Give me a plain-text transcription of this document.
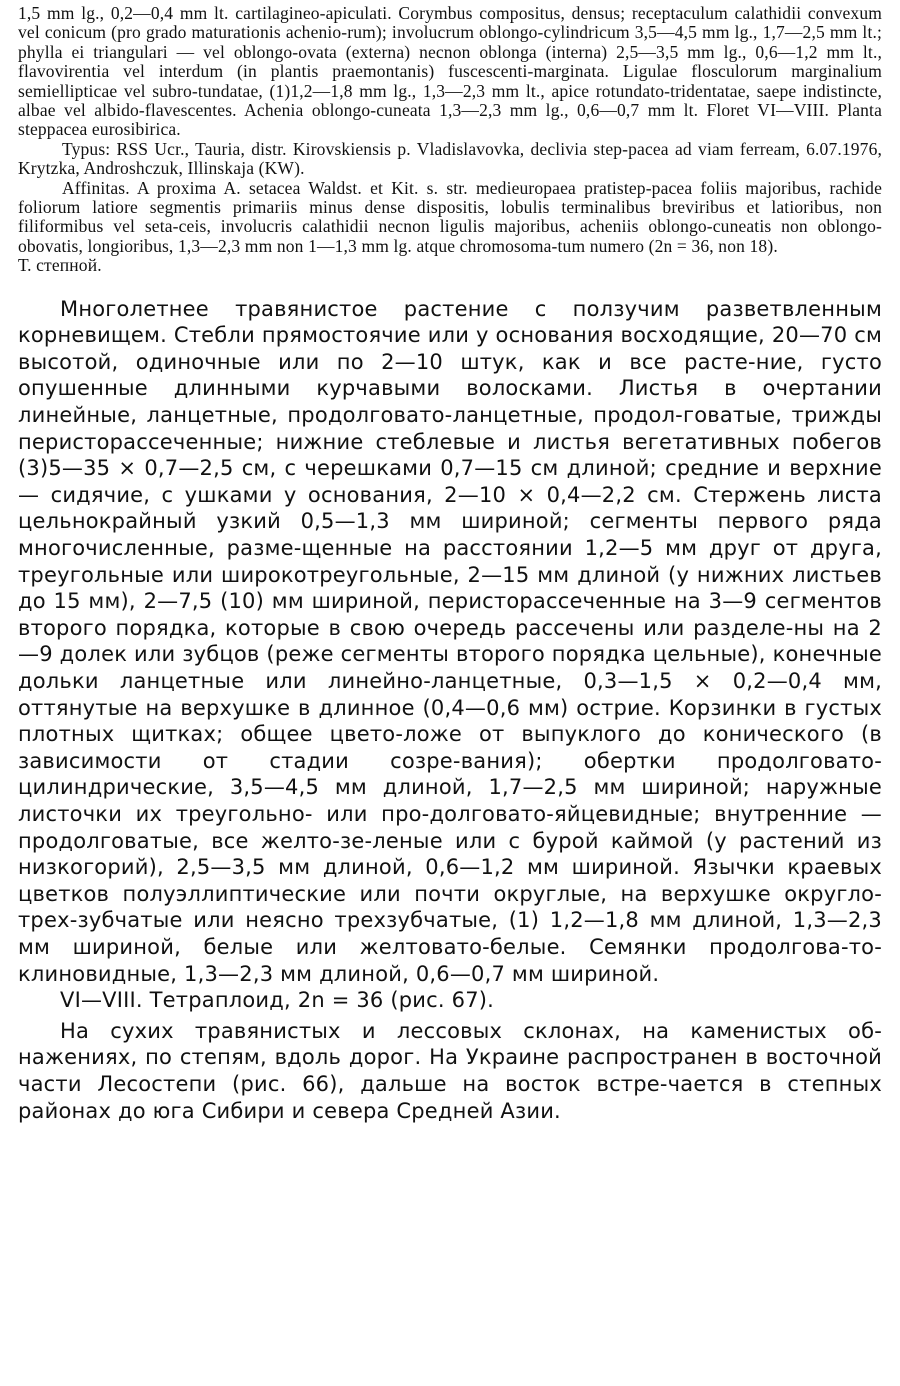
1,5 mm lg., 0,2—0,4 mm lt. cartilagineo-apiculati. Corymbus compositus, densus; receptaculum calathidii convexum vel conicum (pro grado maturationis achenio-rum); involucrum oblongo-cylindricum 3,5—4,5 mm lg., 1,7—2,5 mm lt.; phylla ei triangulari — vel oblongo-ovata (externa) necnon oblonga (interna) 2,5—3,5 mm lg., 0,6—1,2 mm lt., flavovirentia vel interdum (in plantis praemontanis) fuscescenti-marginata. Ligulae flosculorum marginalium semiellipticae vel subro-tundatae, (1)1,2—1,8 mm lg., 1,3—2,3 mm lt., apice rotundato-tridentatae, saepe indistincte, albae vel albido-flavescentes. Achenia oblongo-cuneata 1,3—2,3 mm lg., 0,6—0,7 mm lt. Floret VI—VIII. Planta steppacea eurosibirica.

Typus: RSS Ucr., Tauria, distr. Kirovskiensis p. Vladislavovka, declivia step-pacea ad viam ferream, 6.07.1976, Krytzka, Androshczuk, Illinskaja (KW).

Affinitas. A proxima A. setacea Waldst. et Kit. s. str. medieuropaea pratistep-pacea foliis majoribus, rachide foliorum latiore segmentis primariis minus dense dispositis, lobulis terminalibus breviribus et latioribus, non filiformibus vel seta-ceis, involucris calathidii necnon ligulis majoribus, acheniis oblongo-cuneatis non oblongo-obovatis, longioribus, 1,3—2,3 mm non 1—1,3 mm lg. atque chromosoma-tum numero (2n = 36, non 18).

Т. степной.

Многолетнее травянистое растение с ползучим разветвленным корневищем. Стебли прямостоячие или у основания восходящие, 20—70 см высотой, одиночные или по 2—10 штук, как и все расте-ние, густо опушенные длинными курчавыми волосками. Листья в очертании линейные, ланцетные, продолговато-ланцетные, продол-говатые, трижды перисторассеченные; нижние стеблевые и листья вегетативных побегов (3)5—35 × 0,7—2,5 см, с черешками 0,7—15 см длиной; средние и верхние — сидячие, с ушками у основания, 2—10 × 0,4—2,2 см. Стержень листа цельнокрайный узкий 0,5—1,3 мм шириной; сегменты первого ряда многочисленные, разме-щенные на расстоянии 1,2—5 мм друг от друга, треугольные или широкотреугольные, 2—15 мм длиной (у нижних листьев до 15 мм), 2—7,5 (10) мм шириной, перисторассеченные на 3—9 сегментов второго порядка, которые в свою очередь рассечены или разделе-ны на 2—9 долек или зубцов (реже сегменты второго порядка цельные), конечные дольки ланцетные или линейно-ланцетные, 0,3—1,5 × 0,2—0,4 мм, оттянутые на верхушке в длинное (0,4—0,6 мм) острие. Корзинки в густых плотных щитках; общее цвето-ложе от выпуклого до конического (в зависимости от стадии созре-вания); обертки продолговато-цилиндрические, 3,5—4,5 мм длиной, 1,7—2,5 мм шириной; наружные листочки их треугольно- или про-долговато-яйцевидные; внутренние — продолговатые, все желто-зе-леные или с бурой каймой (у растений из низкогорий), 2,5—3,5 мм длиной, 0,6—1,2 мм шириной. Язычки краевых цветков полуэллиптические или почти округлые, на верхушке округло-трех-зубчатые или неясно трехзубчатые, (1) 1,2—1,8 мм длиной, 1,3—2,3 мм шириной, белые или желтовато-белые. Семянки продолгова-то-клиновидные, 1,3—2,3 мм длиной, 0,6—0,7 мм шириной.

VI—VIII. Тетраплоид, 2n = 36 (рис. 67).

На сухих травянистых и лессовых склонах, на каменистых об-нажениях, по степям, вдоль дорог. На Украине распространен в восточной части Лесостепи (рис. 66), дальше на восток встре-чается в степных районах до юга Сибири и севера Средней Азии.
